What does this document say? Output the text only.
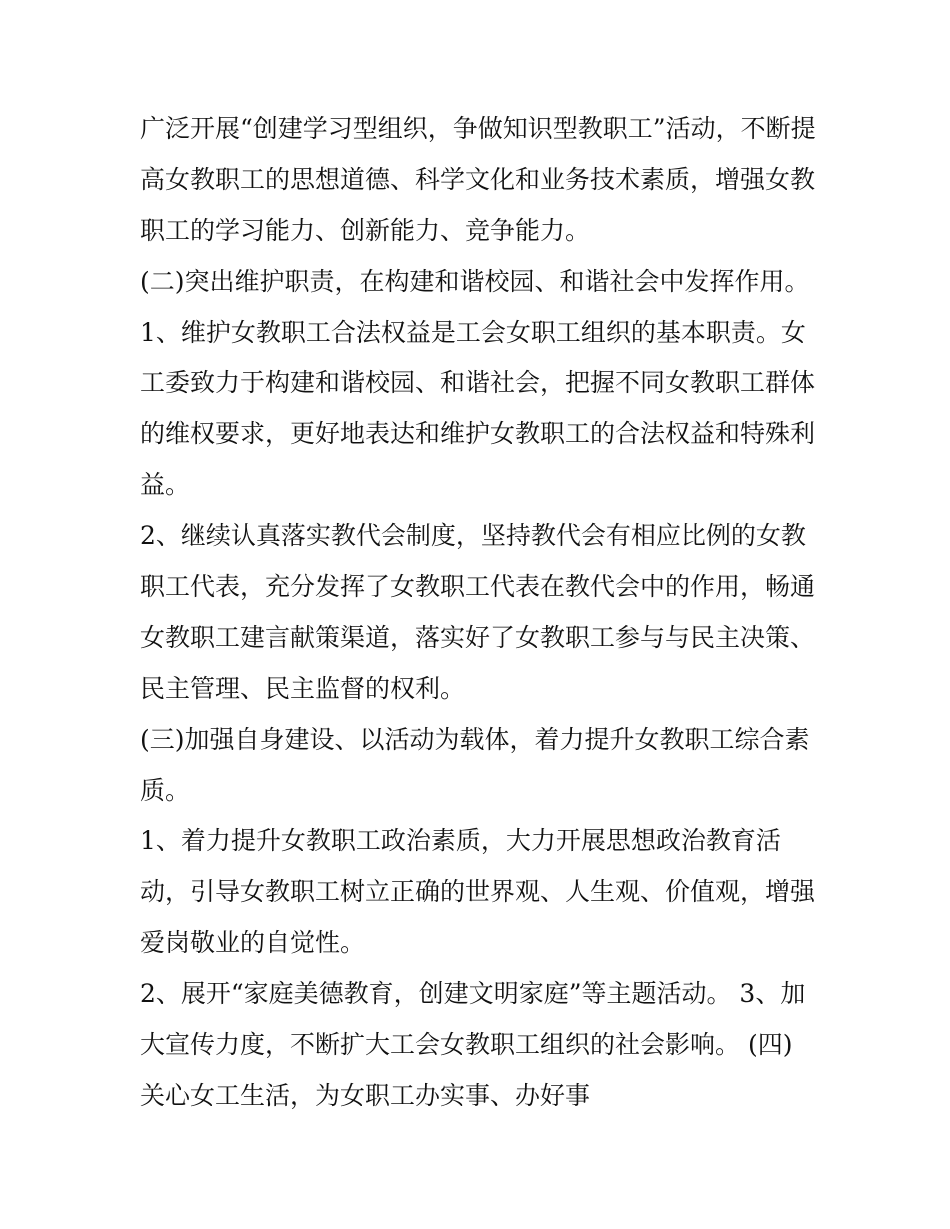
广泛开展“创建学习型组织，争做知识型教职工”活动，不断提
高女教职工的思想道德、科学文化和业务技术素质，增强女教
职工的学习能力、创新能力、竞争能力。
(二)突出维护职责，在构建和谐校园、和谐社会中发挥作用。
1、维护女教职工合法权益是工会女职工组织的基本职责。女
工委致力于构建和谐校园、和谐社会，把握不同女教职工群体
的维权要求，更好地表达和维护女教职工的合法权益和特殊利
益。
2、继续认真落实教代会制度，坚持教代会有相应比例的女教
职工代表，充分发挥了女教职工代表在教代会中的作用，畅通
女教职工建言献策渠道，落实好了女教职工参与与民主决策、
民主管理、民主监督的权利。
(三)加强自身建设、以活动为载体，着力提升女教职工综合素
质。
1、着力提升女教职工政治素质，大力开展思想政治教育活
动，引导女教职工树立正确的世界观、人生观、价值观，增强
爱岗敬业的自觉性。
2、展开“家庭美德教育，创建文明家庭”等主题活动。 3、加
大宣传力度，不断扩大工会女教职工组织的社会影响。 (四)
关心女工生活，为女职工办实事、办好事
